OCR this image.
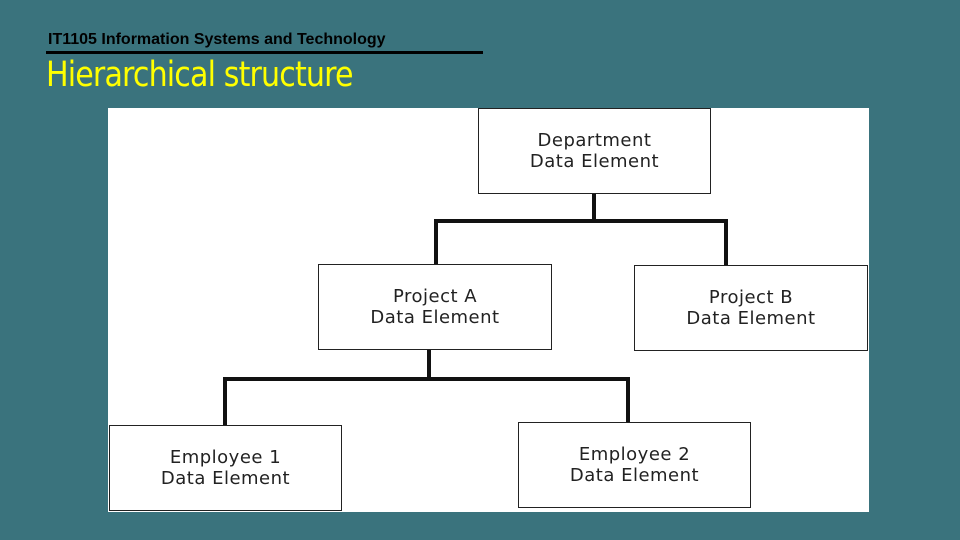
IT1105 Information Systems and Technology
Hierarchical structure
Department
Data Element
Project A
Data Element
Project B
Data Element
Employee 1
Data Element
Employee 2
Data Element
